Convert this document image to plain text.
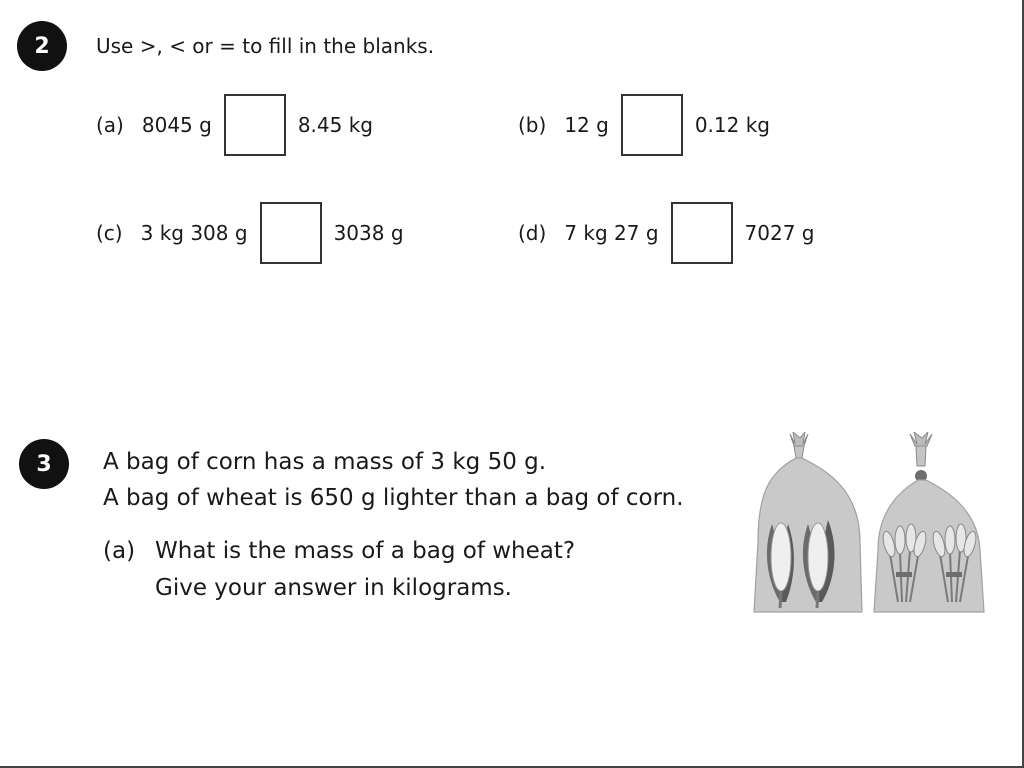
2 Use >, < or = to fill in the blanks.
(a) 8045 g	8.45 kg	(b) 12 g	0.12 kg
(c) 3 kg 308 g	3038 g	(d) 7 kg 27 g	7027 g
3 A bag of corn has a mass of 3 kg 50 g.
A bag of wheat is 650 g lighter than a bag of corn.
(a) What is the mass of a bag of wheat?
Give your answer in kilograms.
